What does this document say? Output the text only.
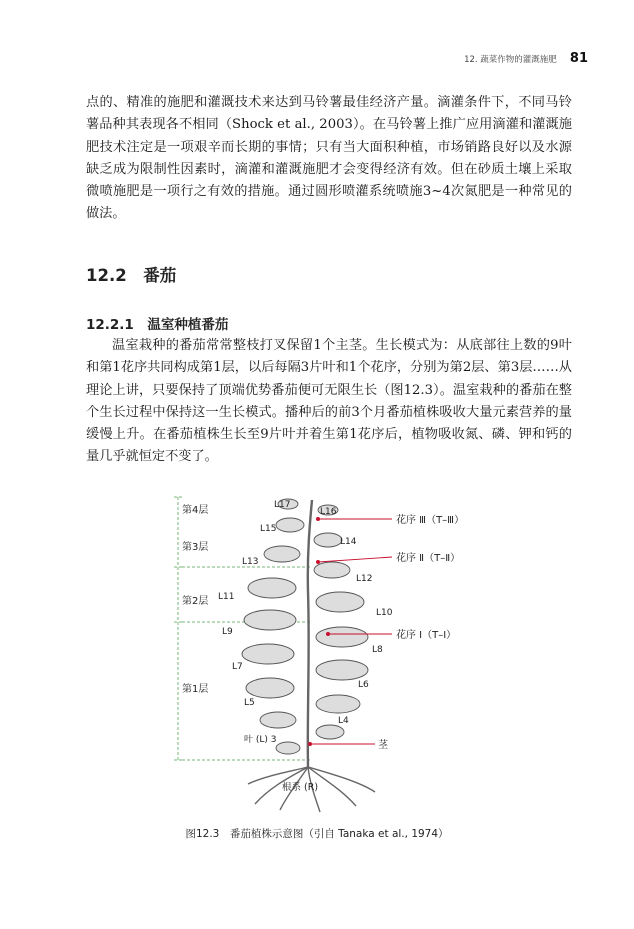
12. 蔬菜作物的灌溉施肥 81

点的、精准的施肥和灌溉技术来达到马铃薯最佳经济产量。滴灌条件下，不同马铃薯品种其表现各不相同（Shock et al., 2003）。在马铃薯上推广应用滴灌和灌溉施肥技术注定是一项艰辛而长期的事情；只有当大面积种植，市场销路良好以及水源缺乏成为限制性因素时，滴灌和灌溉施肥才会变得经济有效。但在砂质土壤上采取微喷施肥是一项行之有效的措施。通过圆形喷灌系统喷施3~4次氮肥是一种常见的做法。

12.2　番茄
12.2.1　温室种植番茄

温室栽种的番茄常常整枝打叉保留1个主茎。生长模式为：从底部往上数的9叶和第1花序共同构成第1层，以后每隔3片叶和1个花序，分别为第2层、第3层……从理论上讲，只要保持了顶端优势番茄便可无限生长（图12.3）。温室栽种的番茄在整个生长过程中保持这一生长模式。播种后的前3个月番茄植株吸收大量元素营养的量缓慢上升。在番茄植株生长至9片叶并着生第1花序后，植物吸收氮、磷、钾和钙的量几乎就恒定不变了。

第4层
第3层
第2层
第1层
L17
L16
L15
L14
L13
L12
L11
L10
L9
L8
L7
L6
L5
L4
叶 (L) 3
花序 Ⅲ（T–Ⅲ）
花序 Ⅱ（T–Ⅱ）
花序 Ⅰ（T–Ⅰ）
茎
根系 (R)
图12.3　番茄植株示意图（引自 Tanaka et al., 1974）
